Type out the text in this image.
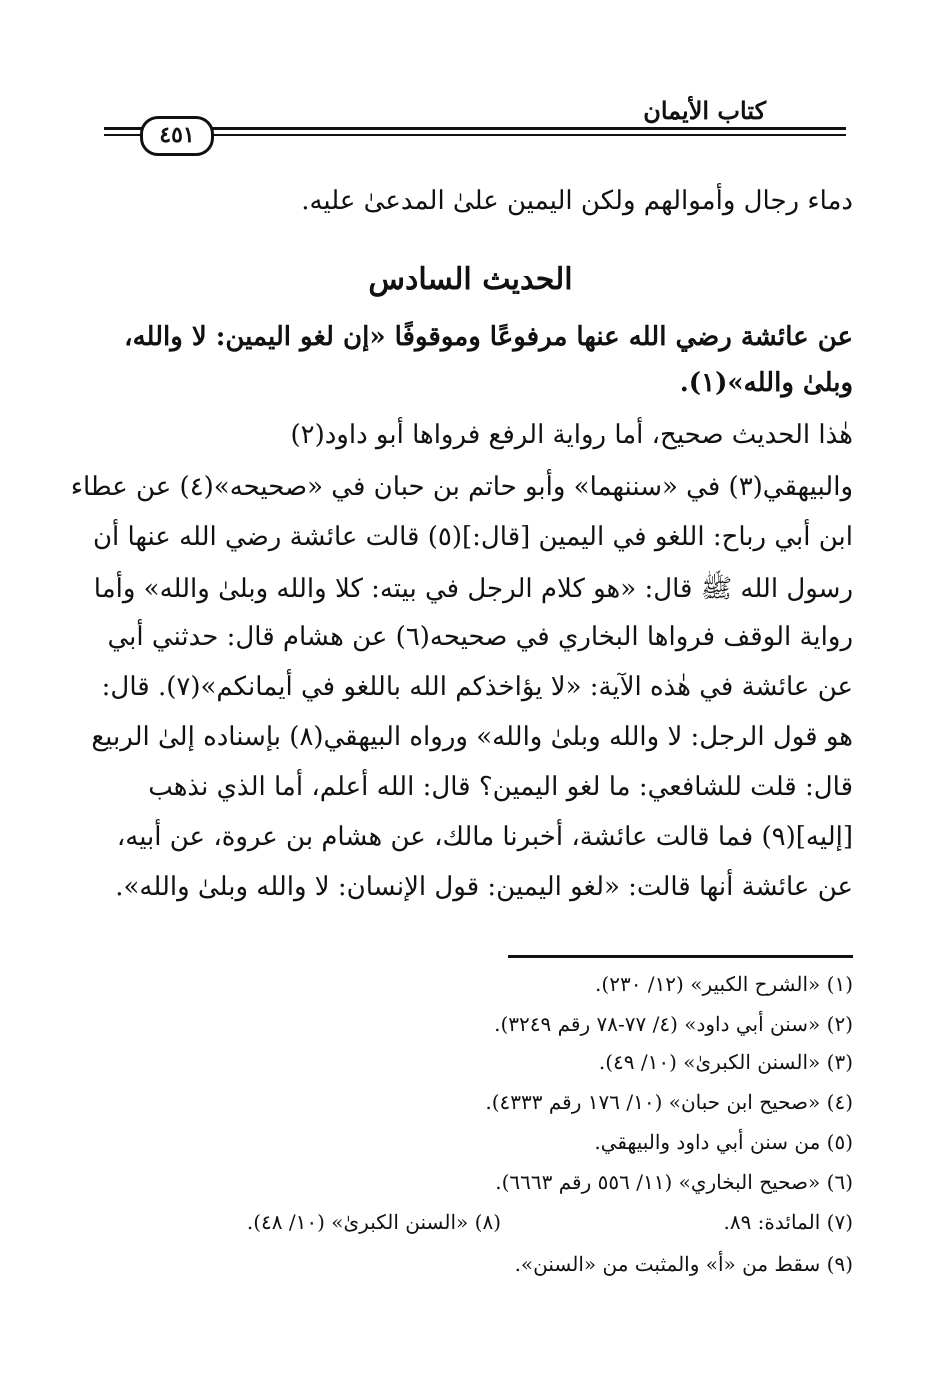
كتاب الأيمان
٤٥١
دماء رجال وأموالهم ولكن اليمين علىٰ المدعىٰ عليه.
الحديث السادس
عن عائشة رضي الله عنها مرفوعًا وموقوفًا «إن لغو اليمين: لا والله،
وبلىٰ والله»(١).
هٰذا الحديث صحيح، أما رواية الرفع فرواها أبو داود(٢)
والبيهقي(٣) في «سننهما» وأبو حاتم بن حبان في «صحيحه»(٤) عن عطاء
ابن أبي رباح: اللغو في اليمين [قال:](٥) قالت عائشة رضي الله عنها أن
رسول الله ﷺ قال: «هو كلام الرجل في بيته: كلا والله وبلىٰ والله» وأما
رواية الوقف فرواها البخاري في صحيحه(٦) عن هشام قال: حدثني أبي
عن عائشة في هٰذه الآية: «لا يؤاخذكم الله باللغو في أيمانكم»(٧). قال:
هو قول الرجل: لا والله وبلىٰ والله» ورواه البيهقي(٨) بإسناده إلىٰ الربيع
قال: قلت للشافعي: ما لغو اليمين؟ قال: الله أعلم، أما الذي نذهب
[إليه](٩) فما قالت عائشة، أخبرنا مالك، عن هشام بن عروة، عن أبيه،
عن عائشة أنها قالت: «لغو اليمين: قول الإنسان: لا والله وبلىٰ والله».
(١) «الشرح الكبير» (١٢/ ٢٣٠).
(٢) «سنن أبي داود» (٤/ ٧٧-٧٨ رقم ٣٢٤٩).
(٣) «السنن الكبرىٰ» (١٠/ ٤٩).
(٤) «صحيح ابن حبان» (١٠/ ١٧٦ رقم ٤٣٣٣).
(٥) من سنن أبي داود والبيهقي.
(٦) «صحيح البخاري» (١١/ ٥٥٦ رقم ٦٦٦٣).
(٧) المائدة: ٨٩.
(٨) «السنن الكبرىٰ» (١٠/ ٤٨).
(٩) سقط من «أ» والمثبت من «السنن».
